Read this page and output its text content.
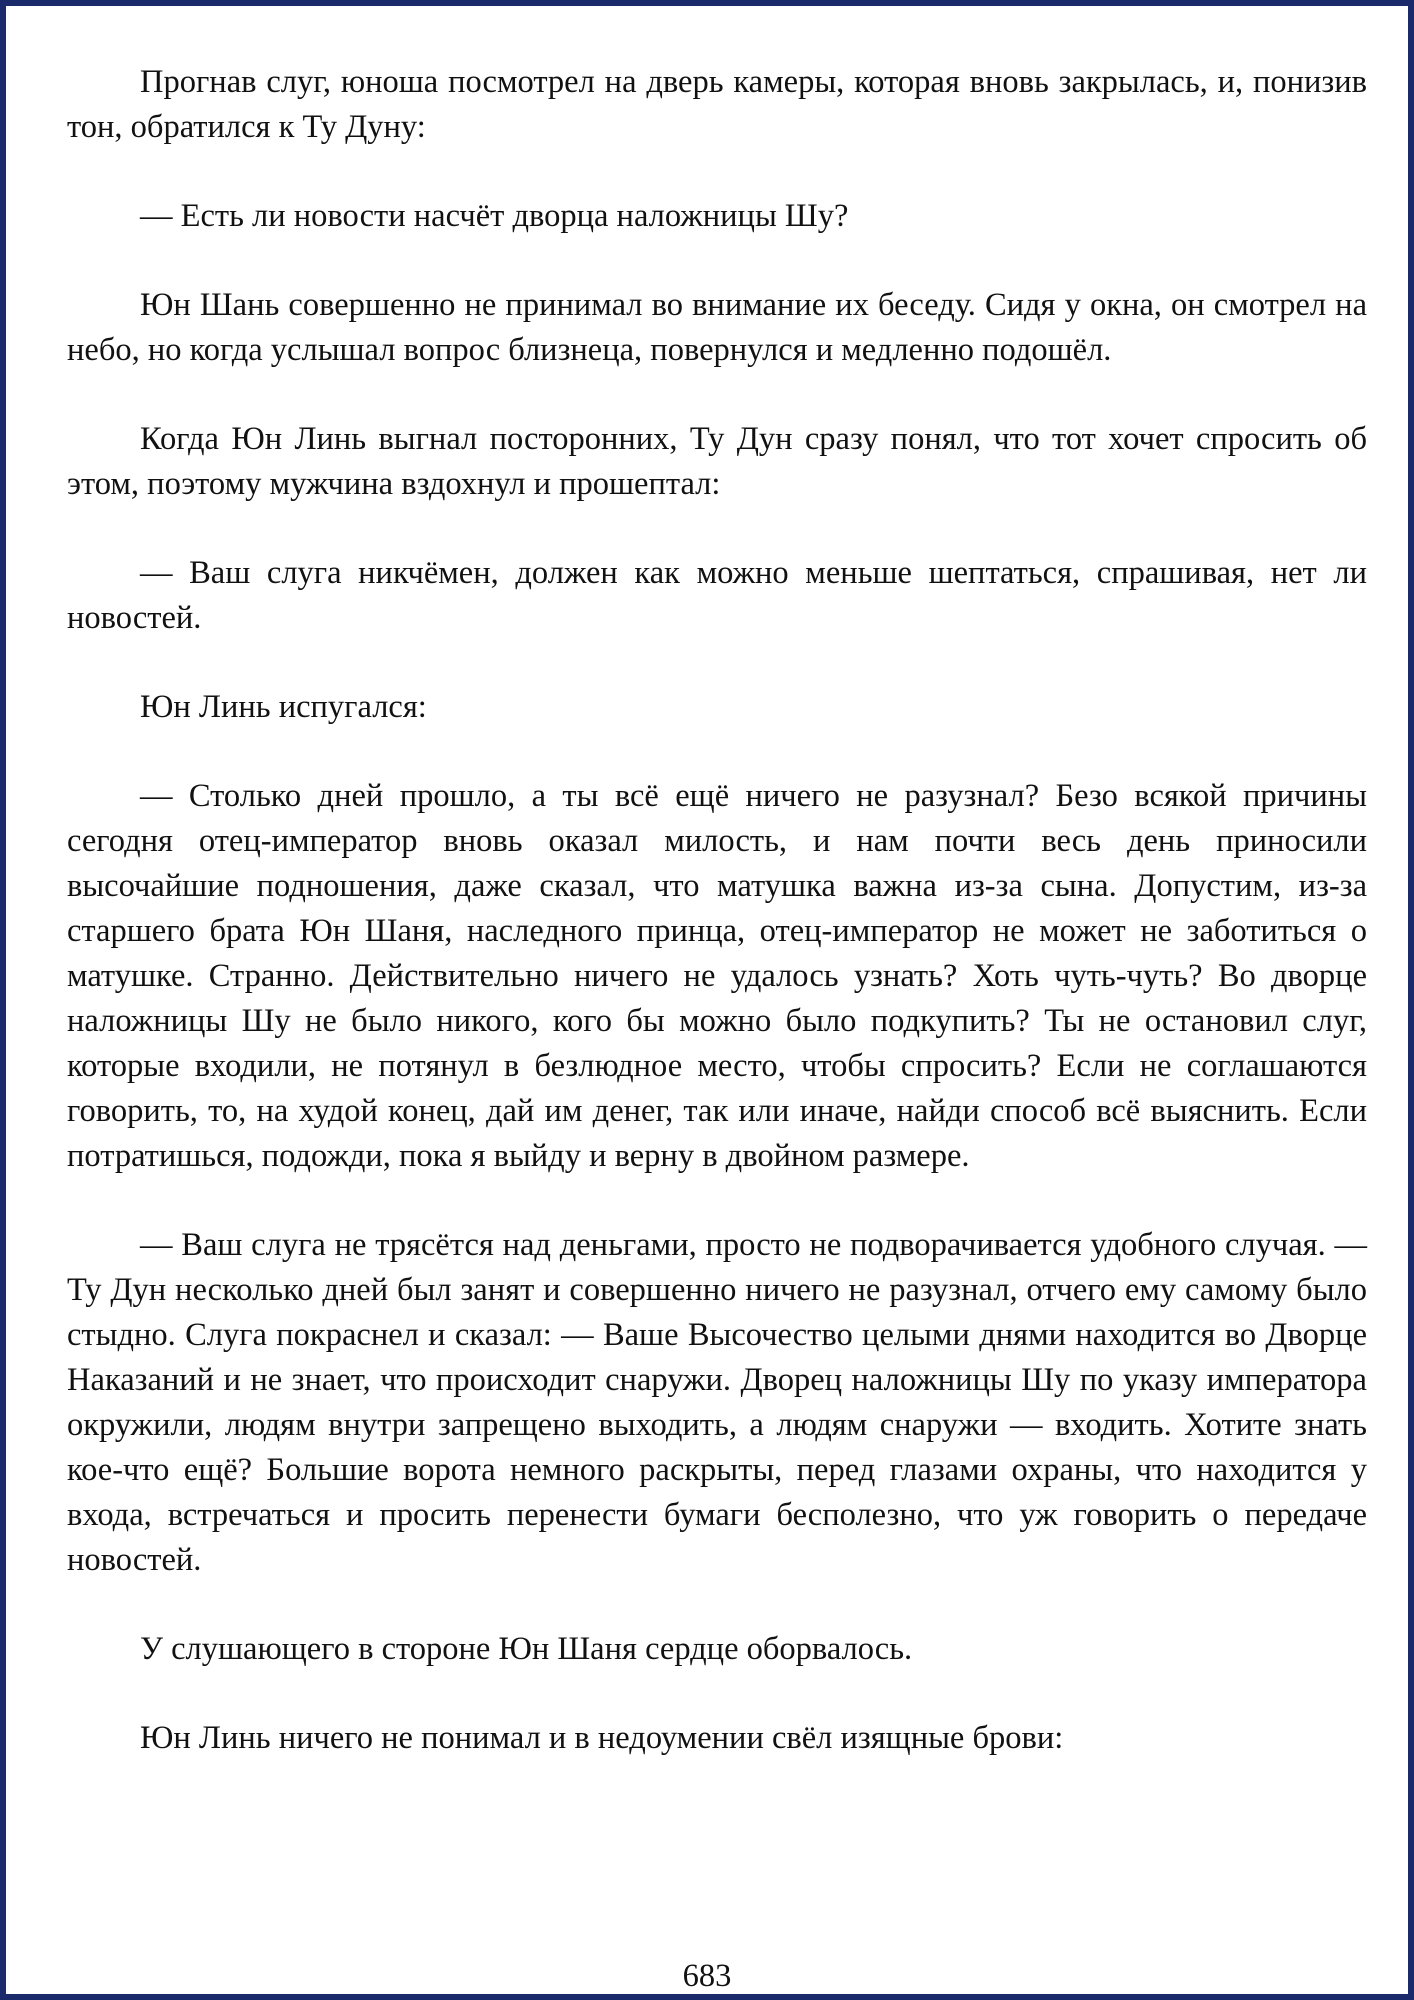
Прогнав слуг, юноша посмотрел на дверь камеры, которая вновь закрылась, и, понизив тон, обратился к Ту Дуну:

— Есть ли новости насчёт дворца наложницы Шу?

Юн Шань совершенно не принимал во внимание их беседу. Сидя у окна, он смотрел на небо, но когда услышал вопрос близнеца, повернулся и медленно подошёл.

Когда Юн Линь выгнал посторонних, Ту Дун сразу понял, что тот хочет спросить об этом, поэтому мужчина вздохнул и прошептал:

— Ваш слуга никчёмен, должен как можно меньше шептаться, спрашивая, нет ли новостей.

Юн Линь испугался:

— Столько дней прошло, а ты всё ещё ничего не разузнал? Безо всякой причины сегодня отец-император вновь оказал милость, и нам почти весь день приносили высочайшие подношения, даже сказал, что матушка важна из-за сына. Допустим, из-за старшего брата Юн Шаня, наследного принца, отец-император не может не заботиться о матушке. Странно. Действительно ничего не удалось узнать? Хоть чуть-чуть? Во дворце наложницы Шу не было никого, кого бы можно было подкупить? Ты не остановил слуг, которые входили, не потянул в безлюдное место, чтобы спросить? Если не соглашаются говорить, то, на худой конец, дай им денег, так или иначе, найди способ всё выяснить. Если потратишься, подожди, пока я выйду и верну в двойном размере.

— Ваш слуга не трясётся над деньгами, просто не подворачивается удобного случая. — Ту Дун несколько дней был занят и совершенно ничего не разузнал, отчего ему самому было стыдно. Слуга покраснел и сказал: — Ваше Высочество целыми днями находится во Дворце Наказаний и не знает, что происходит снаружи. Дворец наложницы Шу по указу императора окружили, людям внутри запрещено выходить, а людям снаружи — входить. Хотите знать кое-что ещё? Большие ворота немного раскрыты, перед глазами охраны, что находится у входа, встречаться и просить перенести бумаги бесполезно, что уж говорить о передаче новостей.

У слушающего в стороне Юн Шаня сердце оборвалось.

Юн Линь ничего не понимал и в недоумении свёл изящные брови:

683
